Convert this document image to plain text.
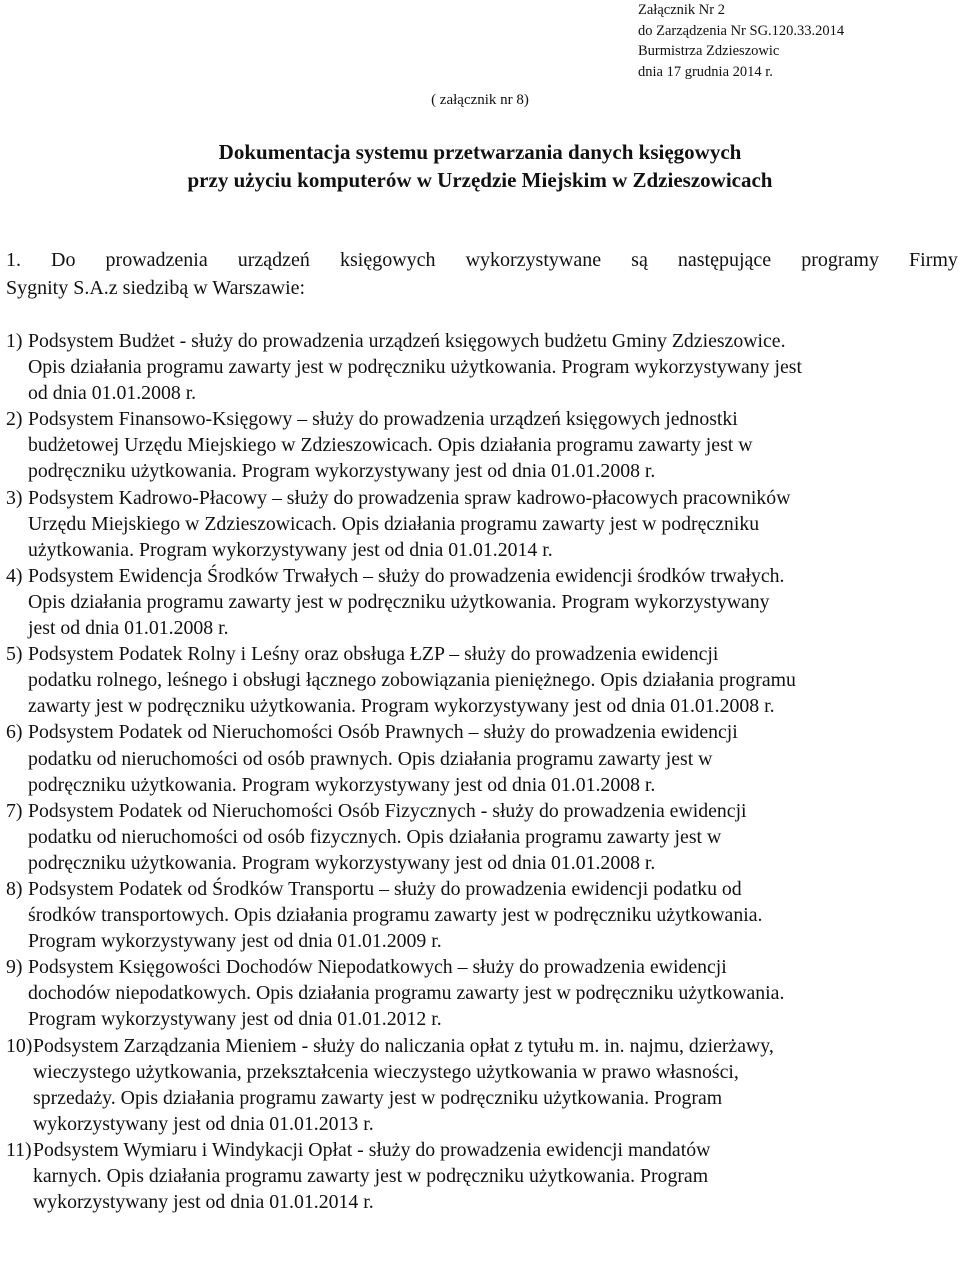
Załącznik Nr 2
do Zarządzenia Nr SG.120.33.2014
Burmistrza Zdzieszowic
dnia 17 grudnia 2014 r.
( załącznik nr 8)
Dokumentacja systemu przetwarzania danych księgowych
przy użyciu komputerów w Urzędzie Miejskim w Zdzieszowicach
1. Do prowadzenia urządzeń księgowych wykorzystywane są następujące programy Firmy
Sygnity S.A.z siedzibą w Warszawie:
1) Podsystem Budżet - służy do prowadzenia urządzeń księgowych budżetu Gminy Zdzieszowice.
Opis działania programu zawarty jest w podręczniku użytkowania. Program wykorzystywany jest
od dnia 01.01.2008 r.
2) Podsystem Finansowo-Księgowy – służy do prowadzenia urządzeń księgowych jednostki
budżetowej Urzędu Miejskiego w Zdzieszowicach. Opis działania programu zawarty jest w
podręczniku użytkowania. Program wykorzystywany jest od dnia 01.01.2008 r.
3) Podsystem Kadrowo-Płacowy – służy do prowadzenia spraw kadrowo-płacowych pracowników
Urzędu Miejskiego w Zdzieszowicach. Opis działania programu zawarty jest w podręczniku
użytkowania. Program wykorzystywany jest od dnia 01.01.2014 r.
4) Podsystem Ewidencja Środków Trwałych – służy do prowadzenia ewidencji środków trwałych.
Opis działania programu zawarty jest w podręczniku użytkowania. Program wykorzystywany
jest od dnia 01.01.2008 r.
5) Podsystem Podatek Rolny i Leśny oraz obsługa ŁZP – służy do prowadzenia ewidencji
podatku rolnego, leśnego i obsługi łącznego zobowiązania pieniężnego. Opis działania programu
zawarty jest w podręczniku użytkowania. Program wykorzystywany jest od dnia 01.01.2008 r.
6) Podsystem Podatek od Nieruchomości Osób Prawnych – służy do prowadzenia ewidencji
podatku od nieruchomości od osób prawnych. Opis działania programu zawarty jest w
podręczniku użytkowania. Program wykorzystywany jest od dnia 01.01.2008 r.
7) Podsystem Podatek od Nieruchomości Osób Fizycznych - służy do prowadzenia ewidencji
podatku od nieruchomości od osób fizycznych. Opis działania programu zawarty jest w
podręczniku użytkowania. Program wykorzystywany jest od dnia 01.01.2008 r.
8) Podsystem Podatek od Środków Transportu – służy do prowadzenia ewidencji podatku od
środków transportowych. Opis działania programu zawarty jest w podręczniku użytkowania.
Program wykorzystywany jest od dnia 01.01.2009 r.
9) Podsystem Księgowości Dochodów Niepodatkowych – służy do prowadzenia ewidencji
dochodów niepodatkowych. Opis działania programu zawarty jest w podręczniku użytkowania.
Program wykorzystywany jest od dnia 01.01.2012 r.
10) Podsystem Zarządzania Mieniem - służy do naliczania opłat z tytułu m. in. najmu, dzierżawy,
wieczystego użytkowania, przekształcenia wieczystego użytkowania w prawo własności,
sprzedaży. Opis działania programu zawarty jest w podręczniku użytkowania. Program
wykorzystywany jest od dnia 01.01.2013 r.
11) Podsystem Wymiaru i Windykacji Opłat - służy do prowadzenia ewidencji mandatów
karnych. Opis działania programu zawarty jest w podręczniku użytkowania. Program
wykorzystywany jest od dnia 01.01.2014 r.
